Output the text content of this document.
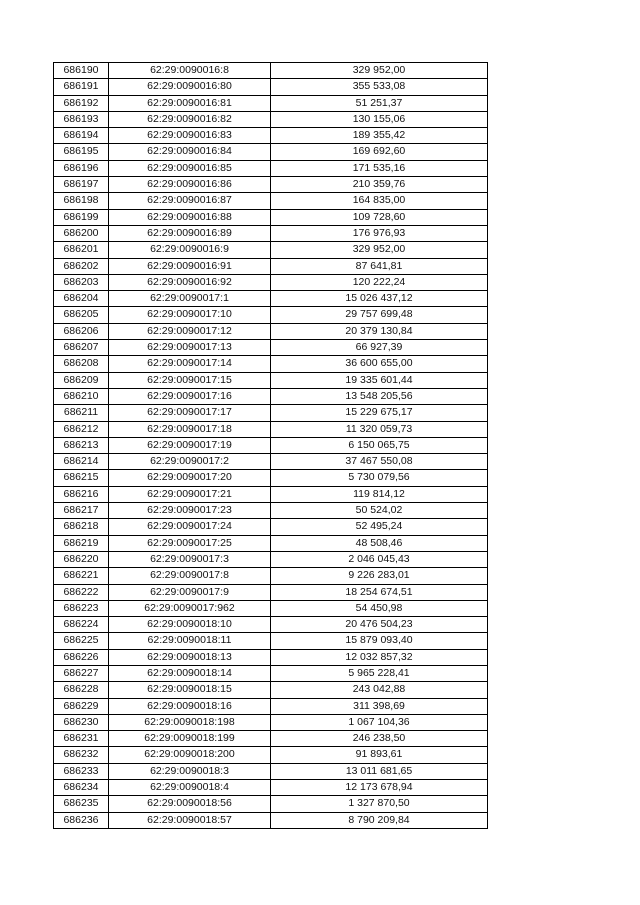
686190	62:29:0090016:8	329 952,00
686191	62:29:0090016:80	355 533,08
686192	62:29:0090016:81	51 251,37
686193	62:29:0090016:82	130 155,06
686194	62:29:0090016:83	189 355,42
686195	62:29:0090016:84	169 692,60
686196	62:29:0090016:85	171 535,16
686197	62:29:0090016:86	210 359,76
686198	62:29:0090016:87	164 835,00
686199	62:29:0090016:88	109 728,60
686200	62:29:0090016:89	176 976,93
686201	62:29:0090016:9	329 952,00
686202	62:29:0090016:91	87 641,81
686203	62:29:0090016:92	120 222,24
686204	62:29:0090017:1	15 026 437,12
686205	62:29:0090017:10	29 757 699,48
686206	62:29:0090017:12	20 379 130,84
686207	62:29:0090017:13	66 927,39
686208	62:29:0090017:14	36 600 655,00
686209	62:29:0090017:15	19 335 601,44
686210	62:29:0090017:16	13 548 205,56
686211	62:29:0090017:17	15 229 675,17
686212	62:29:0090017:18	11 320 059,73
686213	62:29:0090017:19	6 150 065,75
686214	62:29:0090017:2	37 467 550,08
686215	62:29:0090017:20	5 730 079,56
686216	62:29:0090017:21	119 814,12
686217	62:29:0090017:23	50 524,02
686218	62:29:0090017:24	52 495,24
686219	62:29:0090017:25	48 508,46
686220	62:29:0090017:3	2 046 045,43
686221	62:29:0090017:8	9 226 283,01
686222	62:29:0090017:9	18 254 674,51
686223	62:29:0090017:962	54 450,98
686224	62:29:0090018:10	20 476 504,23
686225	62:29:0090018:11	15 879 093,40
686226	62:29:0090018:13	12 032 857,32
686227	62:29:0090018:14	5 965 228,41
686228	62:29:0090018:15	243 042,88
686229	62:29:0090018:16	311 398,69
686230	62:29:0090018:198	1 067 104,36
686231	62:29:0090018:199	246 238,50
686232	62:29:0090018:200	91 893,61
686233	62:29:0090018:3	13 011 681,65
686234	62:29:0090018:4	12 173 678,94
686235	62:29:0090018:56	1 327 870,50
686236	62:29:0090018:57	8 790 209,84
